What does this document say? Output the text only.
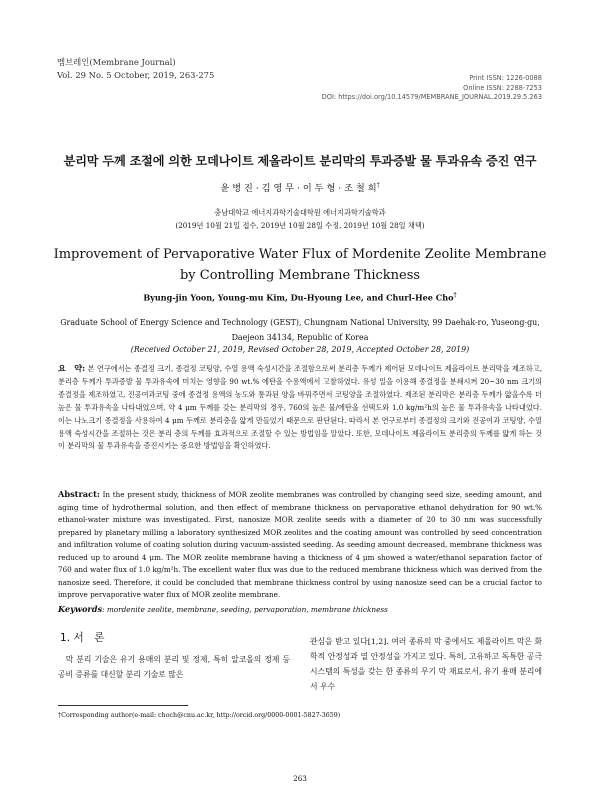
멤브레인(Membrane Journal)
Vol. 29 No. 5 October, 2019, 263-275	Print ISSN: 1226-0088
Online ISSN: 2288-7253
DOI: https://doi.org/10.14579/MEMBRANE_JOURNAL.2019.29.5.263
분리막 두께 조절에 의한 모데나이트 제올라이트 분리막의 투과증발 물 투과유속 증진 연구
윤 병 진 · 김 영 무 · 이 두 형 · 조 철 희†
충남대학교 에너지과학기술대학원 에너지과학기술학과
(2019년 10월 21일 접수, 2019년 10월 28일 수정, 2019년 10월 28일 채택)
Improvement of Pervaporative Water Flux of Mordenite Zeolite Membrane by Controlling Membrane Thickness
Byung-jin Yoon, Young-mu Kim, Du-Hyoung Lee, and Churl-Hee Cho†
Graduate School of Energy Science and Technology (GEST), Chungnam National University, 99 Daehak-ro, Yuseong-gu, Daejeon 34134, Republic of Korea
(Received October 21, 2019, Revised October 28, 2019, Accepted October 28, 2019)
요　약: 본 연구에서는 종결정 크기, 종결정 코팅양, 수열 용액 숙성시간을 조절함으로써 분리층 두께가 제어된 모데나이트 제올라이트 분리막을 제조하고, 분리층 두께가 투과증발 물 투과유속에 미치는 영향을 90 wt.% 에탄올 수용액에서 고찰하였다. 유성 밀을 이용해 종결정을 분쇄시켜 20~30 nm 크기의 종결정을 제조하였고, 진공여과코팅 중에 종결정 용액의 농도와 통과된 양을 바꿔주면서 코팅양을 조절하였다. 제조된 분리막은 분리층 두께가 얇을수록 더 높은 물 투과유속을 나타내었으며, 약 4 μm 두께를 갖는 분리막의 경우, 760의 높은 물/에탄올 선택도와 1.0 kg/m²h의 높은 물 투과유속을 나타내었다. 이는 나노크기 종결정을 사용하여 4 μm 두께로 분리층을 얇게 만들었기 때문으로 판단된다. 따라서 본 연구로부터 종결정의 크기와 진공여과 코팅양, 수열 용액 숙성시간을 조절하는 것은 분리 층의 두께를 효과적으로 조절할 수 있는 방법임을 알았다. 또한, 모데나이트 제올라이트 분리층의 두께를 얇게 하는 것이 분리막의 물 투과유속을 증진시키는 중요한 방법임을 확인하였다.
Abstract: In the present study, thickness of MOR zeolite membranes was controlled by changing seed size, seeding amount, and aging time of hydrothermal solution, and then effect of membrane thickness on pervaporative ethanol dehydration for 90 wt.% ethanol-water mixture was investigated. First, nanosize MOR zeolite seeds with a diameter of 20 to 30 nm was successfully prepared by planetary milling a laboratory synthesized MOR zeolites and the coating amount was controlled by seed concentration and infiltration volume of coating solution during vacuum-assisted seeding. As seeding amount decreased, membrane thickness was reduced up to around 4 μm. The MOR zeolite membrane having a thickness of 4 μm showed a water/ethanol separation factor of 760 and water flux of 1.0 kg/m²h. The excellent water flux was due to the reduced membrane thickness which was derived from the nanosize seed. Therefore, it could be concluded that membrane thickness control by using nanosize seed can be a crucial factor to improve pervaporative water flux of MOR zeolite membrane.
Keywords: mordenite zeolite, membrane, seeding, pervaporation, membrane thickness
1. 서　론

막 분리 기술은 유기 용매의 분리 및 정제, 특히 알코올의 정제 등 공비 증류를 대신할 분리 기술로 많은

관심을 받고 있다[1,2]. 여러 종류의 막 중에서도 제올라이트 막은 화학적 안정성과 열 안정성을 가지고 있다. 특히, 고유하고 독특한 공극 시스템의 특성을 갖는 한 종류의 무기 막 재료로서, 유기 용매 분리에서 우수

†Corresponding author(e-mail: choch@cnu.ac.kr, http://orcid.org/0000-0001-5827-3659)
263
